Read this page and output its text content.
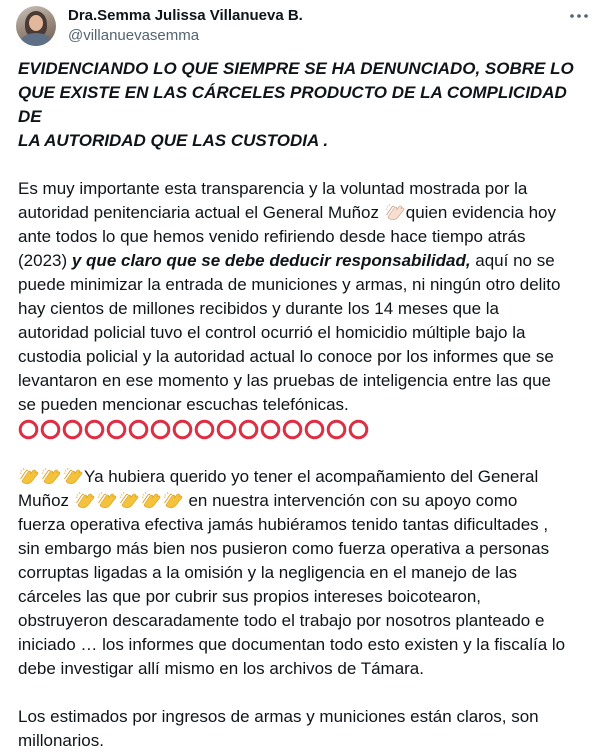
Dra.Semma Julissa Villanueva B.
@villanuevasemma
EVIDENCIANDO LO QUE SIEMPRE SE HA DENUNCIADO, SOBRE LO
QUE EXISTE EN LAS CÁRCELES PRODUCTO DE LA COMPLICIDAD DE
LA AUTORIDAD QUE LAS CUSTODIA .
Es muy importante esta transparencia y la voluntad mostrada por la
autoridad penitenciaria actual el General Muñoz
quien evidencia hoy
ante todos lo que hemos venido refiriendo desde hace tiempo atrás
(2023) y que claro que se debe deducir responsabilidad, aquí no se
puede minimizar la entrada de municiones y armas, ni ningún otro delito
hay cientos de millones recibidos y durante los 14 meses que la
autoridad policial tuvo el control ocurrió el homicidio múltiple bajo la
custodia policial y la autoridad actual lo conoce por los informes que se
levantaron en ese momento y las pruebas de inteligencia entre las que
se pueden mencionar escuchas telefónicas.
Ya hubiera querido yo tener el acompañamiento del General
Muñoz	en nuestra intervención con su apoyo como
fuerza operativa efectiva jamás hubiéramos tenido tantas dificultades ,
sin embargo más bien nos pusieron como fuerza operativa a personas
corruptas ligadas a la omisión y la negligencia en el manejo de las
cárceles las que por cubrir sus propios intereses boicotearon,
obstruyeron descaradamente todo el trabajo por nosotros planteado e
iniciado … los informes que documentan todo esto existen y la fiscalía lo
debe investigar allí mismo en los archivos de Támara.
Los estimados por ingresos de armas y municiones están claros, son
millonarios.
